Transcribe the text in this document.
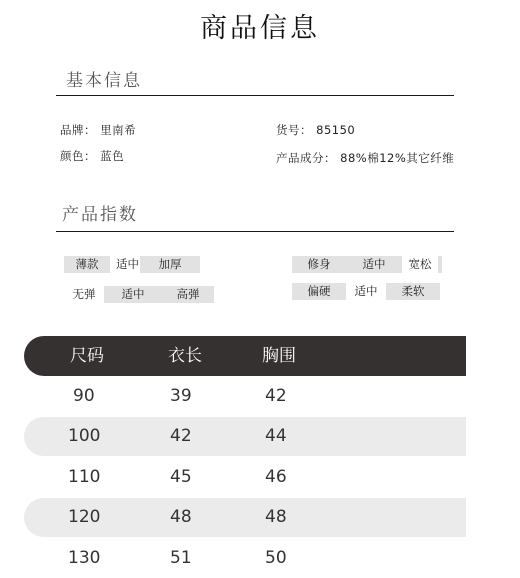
商品信息
基本信息
品牌： 里南希	货号： 85150
颜色： 蓝色	产品成分： 88%棉12%其它纤维
产品指数
薄款	适中	加厚
无弹	适中	高弹
修身	适中	宽松
偏硬	适中	柔软
尺码	衣长	胸围
90	39	42
100	42	44
110	45	46
120	48	48
130	51	50
